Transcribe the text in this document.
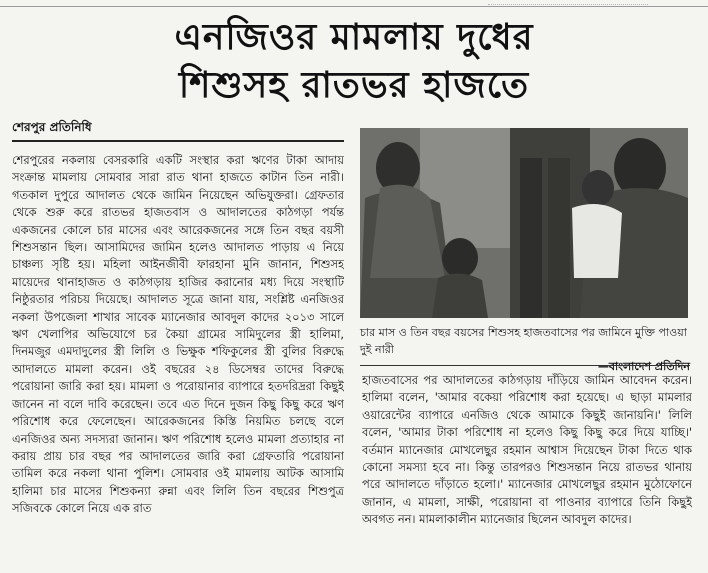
এনজিওর মামলায় দুধের
শিশুসহ রাতভর হাজতে
শেরপুর প্রতিনিধি

শেরপুরের নকলায় বেসরকারি একটি সংস্থার করা ঋণের টাকা আদায় সংক্রান্ত মামলায় সোমবার সারা রাত থানা হাজতে কাটান তিন নারী। গতকাল দুপুরে আদালত থেকে জামিন নিয়েছেন অভিযুক্তরা। গ্রেফতার থেকে শুরু করে রাতভর হাজতবাস ও আদালতের কাঠগড়া পর্যন্ত একজনের কোলে চার মাসের এবং আরেকজনের সঙ্গে তিন বছর বয়সী শিশুসন্তান ছিল। আসামিদের জামিন হলেও আদালত পাড়ায় এ নিয়ে চাঞ্চল্য সৃষ্টি হয়। মহিলা আইনজীবী ফারহানা মুনি জানান, শিশুসহ মায়েদের থানাহাজত ও কাঠগড়ায় হাজির করানোর মধ্য দিয়ে সংস্থাটি নিষ্ঠুরতার পরিচয় দিয়েছে। আদালত সূত্রে জানা যায়, সংশ্লিষ্ট এনজিওর নকলা উপজেলা শাখার সাবেক ম্যানেজার আবদুল কাদের ২০১৩ সালে ঋণ খেলাপির অভিযোগে চর কৈয়া গ্রামের সামিদুলের স্ত্রী হালিমা, দিনমজুর এমদাদুলের স্ত্রী লিলি ও ভিক্ষুক শফিকুলের স্ত্রী বুলির বিরুদ্ধে আদালতে মামলা করেন। ওই বছরের ২৪ ডিসেম্বর তাদের বিরুদ্ধে পরোয়ানা জারি করা হয়। মামলা ও পরোয়ানার ব্যাপারে হতদরিদ্ররা কিছুই জানেন না বলে দাবি করেছেন। তবে এত দিনে দুজন কিছু কিছু করে ঋণ পরিশোধ করে ফেলেছেন। আরেকজনের কিস্তি নিয়মিত চলছে বলে এনজিওর অন্য সদস্যরা জানান। ঋণ পরিশোধ হলেও মামলা প্রত্যাহার না করায় প্রায় চার বছর পর আদালতের জারি করা গ্রেফতারি পরোয়ানা তামিল করে নকলা থানা পুলিশ। সোমবার ওই মামলায় আটক আসামি হালিমা চার মাসের শিশুকন্যা রুন্না এবং লিলি তিন বছরের শিশুপুত্র সজিবকে কোলে নিয়ে এক রাত

চার মাস ও তিন বছর বয়সের শিশুসহ হাজতবাসের পর জামিনে মুক্তি পাওয়া দুই নারী
—বাংলাদেশ প্রতিদিন

হাজতবাসের পর আদালতের কাঠগড়ায় দাঁড়িয়ে জামিন আবেদন করেন। হালিমা বলেন, 'আমার বকেয়া পরিশোধ করা হয়েছে। এ ছাড়া মামলার ওয়ারেন্টের ব্যাপারে এনজিও থেকে আমাকে কিছুই জানায়নি।' লিলি বলেন, 'আমার টাকা পরিশোধ না হলেও কিছু কিছু করে দিয়ে যাচ্ছি।' বর্তমান ম্যানেজার মোখলেছুর রহমান আশ্বাস দিয়েছেন টাকা দিতে থাক কোনো সমস্যা হবে না। কিন্তু তারপরও শিশুসন্তান নিয়ে রাতভর থানায় পরে আদালতে দাঁড়াতে হলো।' ম্যানেজার মোখলেছুর রহমান মুঠোফোনে জানান, এ মামলা, সাক্ষী, পরোয়ানা বা পাওনার ব্যাপারে তিনি কিছুই অবগত নন। মামলাকালীন ম্যানেজার ছিলেন আবদুল কাদের।
